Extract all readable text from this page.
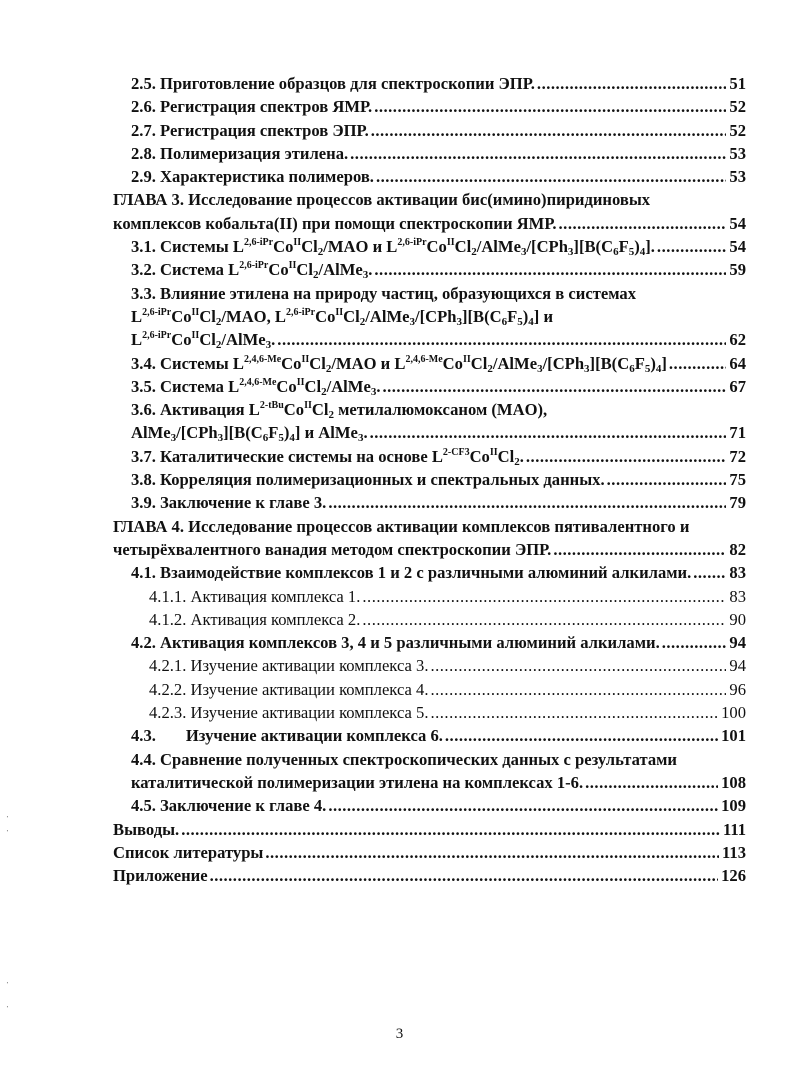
2.5. Приготовление образцов для спектроскопии ЭПР. .....	51
2.6. Регистрация спектров ЯМР. .....	52
2.7. Регистрация спектров ЭПР. .....	52
2.8. Полимеризация этилена. .....	53
2.9. Характеристика полимеров. .....	53
ГЛАВА 3. Исследование процессов активации бис(имино)пиридиновых
комплексов кобальта(II) при помощи спектроскопии ЯМР. .....	54
3.1. Системы $L^{2,6-iPr}Co^{II}Cl_2$/MAO и $L^{2,6-iPr}Co^{II}Cl_2/AlMe_3/[CPh_3][B(C_6F_5)_4]$. .....	54
3.2. Система $L^{2,6-iPr}Co^{II}Cl_2/AlMe_3$. .....	59
3.3. Влияние этилена на природу частиц, образующихся в системах
$L^{2,6-iPr}Co^{II}Cl_2$/MAO, $L^{2,6-iPr}Co^{II}Cl_2/AlMe_3/[CPh_3][B(C_6F_5)_4]$ и
$L^{2,6-iPr}Co^{II}Cl_2/AlMe_3$. .....	62
3.4. Системы $L^{2,4,6-Me}Co^{II}Cl_2$/MAO и $L^{2,4,6-Me}Co^{II}Cl_2/AlMe_3/[CPh_3][B(C_6F_5)_4]$ .....	64
3.5. Система $L^{2,4,6-Me}Co^{II}Cl_2/AlMe_3$. .....	67
3.6. Активация $L^{2-tBu}Co^{II}Cl_2$ метилалюмоксаном (MAO),
$AlMe_3/[CPh_3][B(C_6F_5)_4]$ и AlMe$_3$. .....	71
3.7. Каталитические системы на основе $L^{2-CF3}Co^{II}Cl_2$. .....	72
3.8. Корреляция полимеризационных и спектральных данных. .....	75
3.9. Заключение к главе 3. .....	79
ГЛАВА 4. Исследование процессов активации комплексов пятивалентного и
четырёхвалентного ванадия методом спектроскопии ЭПР. .....	82
4.1. Взаимодействие комплексов 1 и 2 с различными алюминий алкилами. ..... 83
4.1.1. Активация комплекса 1. .....	83
4.1.2. Активация комплекса 2. .....	90
4.2. Активация комплексов 3, 4 и 5 различными алюминий алкилами. .....	94
4.2.1. Изучение активации комплекса 3. .....	94
4.2.2. Изучение активации комплекса 4. .....	96
4.2.3. Изучение активации комплекса 5. .....	100
4.3. Изучение активации комплекса 6. .....	101
4.4. Сравнение полученных спектроскопических данных с результатами
каталитической полимеризации этилена на комплексах 1-6. .....	108
4.5. Заключение к главе 4. .....	109
Выводы. .....	111
Список литературы .....	113
Приложение .....	126
‧
‧
‧
‧
3
